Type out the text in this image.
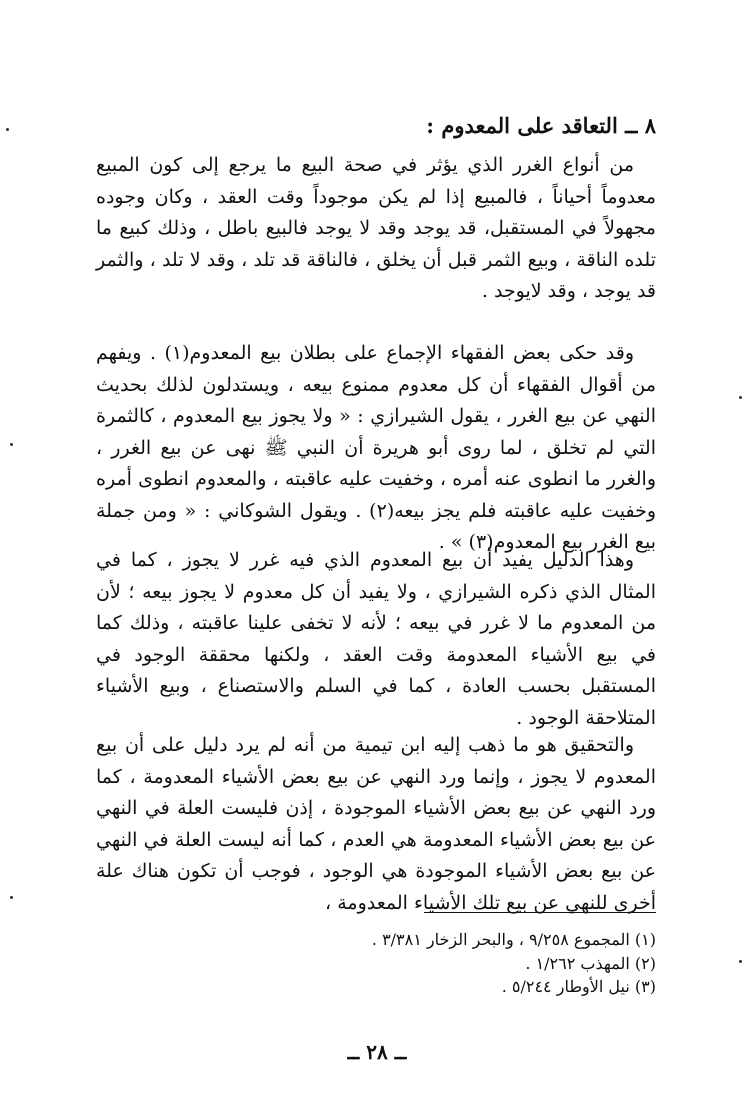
٨ ــ التعاقد على المعدوم :

من أنواع الغرر الذي يؤثر في صحة البيع ما يرجع إلى كون المبيع معدوماً أحياناً ، فالمبيع إذا لم يكن موجوداً وقت العقد ، وكان وجوده مجهولاً في المستقبل، قد يوجد وقد لا يوجد فالبيع باطل ، وذلك كبيع ما تلده الناقة ، وبيع الثمر قبل أن يخلق ، فالناقة قد تلد ، وقد لا تلد ، والثمر قد يوجد ، وقد لايوجد .

وقد حكى بعض الفقهاء الإجماع على بطلان بيع المعدوم(١) . ويفهم من أقوال الفقهاء أن كل معدوم ممنوع بيعه ، ويستدلون لذلك بحديث النهي عن بيع الغرر ، يقول الشيرازي : « ولا يجوز بيع المعدوم ، كالثمرة التي لم تخلق ، لما روى أبو هريرة أن النبي ﷺ نهى عن بيع الغرر ، والغرر ما انطوى عنه أمره ، وخفيت عليه عاقبته ، والمعدوم انطوى أمره وخفيت عليه عاقبته فلم يجز بيعه(٢) . ويقول الشوكاني : « ومن جملة بيع الغرر بيع المعدوم(٣) » .

وهذا الدليل يفيد أن بيع المعدوم الذي فيه غرر لا يجوز ، كما في المثال الذي ذكره الشيرازي ، ولا يفيد أن كل معدوم لا يجوز بيعه ؛ لأن من المعدوم ما لا غرر في بيعه ؛ لأنه لا تخفى علينا عاقبته ، وذلك كما في بيع الأشياء المعدومة وقت العقد ، ولكنها محققة الوجود في المستقبل بحسب العادة ، كما في السلم والاستصناع ، وبيع الأشياء المتلاحقة الوجود .

والتحقيق هو ما ذهب إليه ابن تيمية من أنه لم يرد دليل على أن بيع المعدوم لا يجوز ، وإنما ورد النهي عن بيع بعض الأشياء المعدومة ، كما ورد النهي عن بيع بعض الأشياء الموجودة ، إذن فليست العلة في النهي عن بيع بعض الأشياء المعدومة هي العدم ، كما أنه ليست العلة في النهي عن بيع بعض الأشياء الموجودة هي الوجود ، فوجب أن تكون هناك علة أخرى للنهي عن بيع تلك الأشياء المعدومة ،

(١) المجموع ٩/٢٥٨ ، والبحر الزخار ٣/٣٨١ .
(٢) المهذب ١/٢٦٢ .
(٣) نيل الأوطار ٥/٢٤٤ .
ــ ٢٨ ــ
